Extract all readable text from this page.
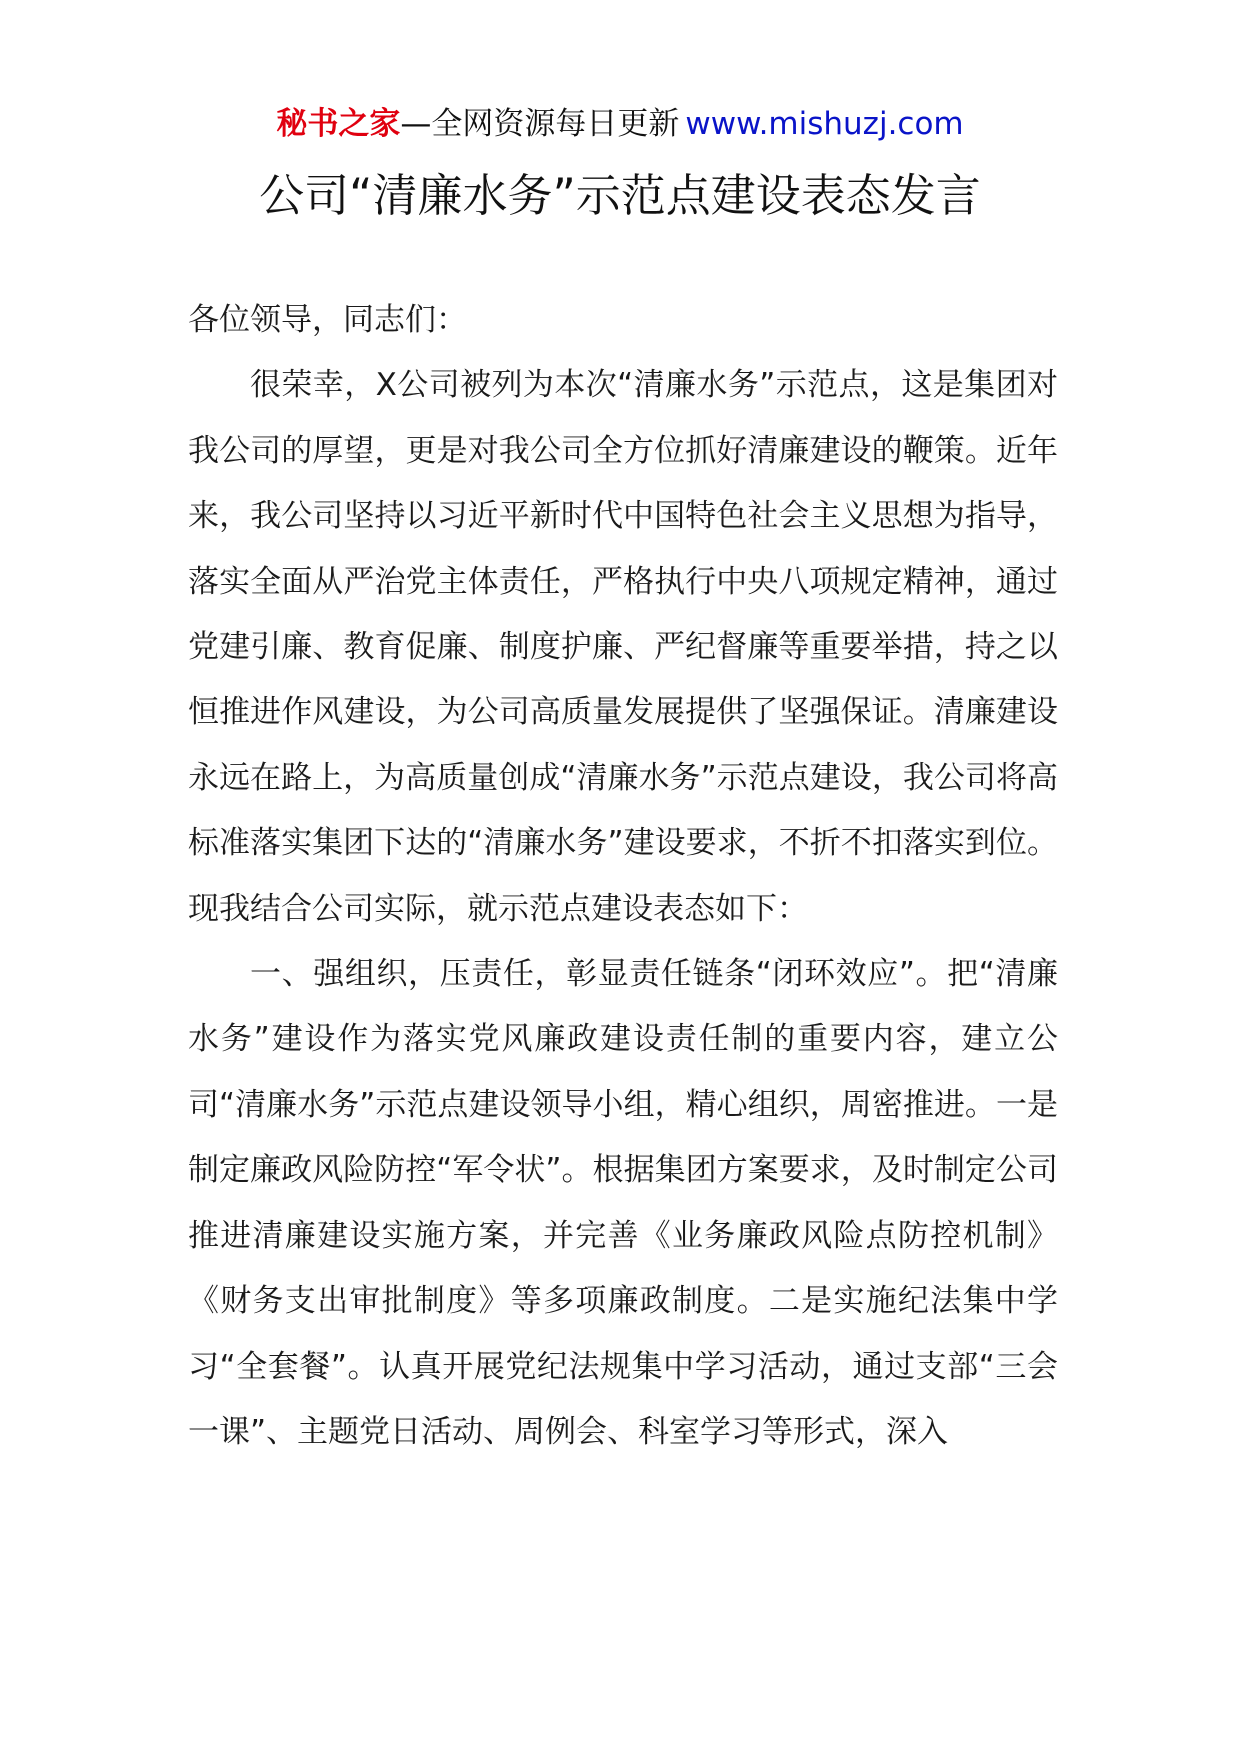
秘书之家—全网资源每日更新 www.mishuzj.com
公司“清廉水务”示范点建设表态发言

各位领导，同志们：

很荣幸，X公司被列为本次“清廉水务”示范点，这是集团对我公司的厚望，更是对我公司全方位抓好清廉建设的鞭策。近年来，我公司坚持以习近平新时代中国特色社会主义思想为指导，落实全面从严治党主体责任，严格执行中央八项规定精神，通过党建引廉、教育促廉、制度护廉、严纪督廉等重要举措，持之以恒推进作风建设，为公司高质量发展提供了坚强保证。清廉建设永远在路上，为高质量创成“清廉水务”示范点建设，我公司将高标准落实集团下达的“清廉水务”建设要求，不折不扣落实到位。现我结合公司实际，就示范点建设表态如下：

一、强组织，压责任，彰显责任链条“闭环效应”。把“清廉水务”建设作为落实党风廉政建设责任制的重要内容，建立公司“清廉水务”示范点建设领导小组，精心组织，周密推进。一是制定廉政风险防控“军令状”。根据集团方案要求，及时制定公司推进清廉建设实施方案，并完善《业务廉政风险点防控机制》《财务支出审批制度》等多项廉政制度。二是实施纪法集中学习“全套餐”。认真开展党纪法规集中学习活动，通过支部“三会一课”、主题党日活动、周例会、科室学习等形式，深入
